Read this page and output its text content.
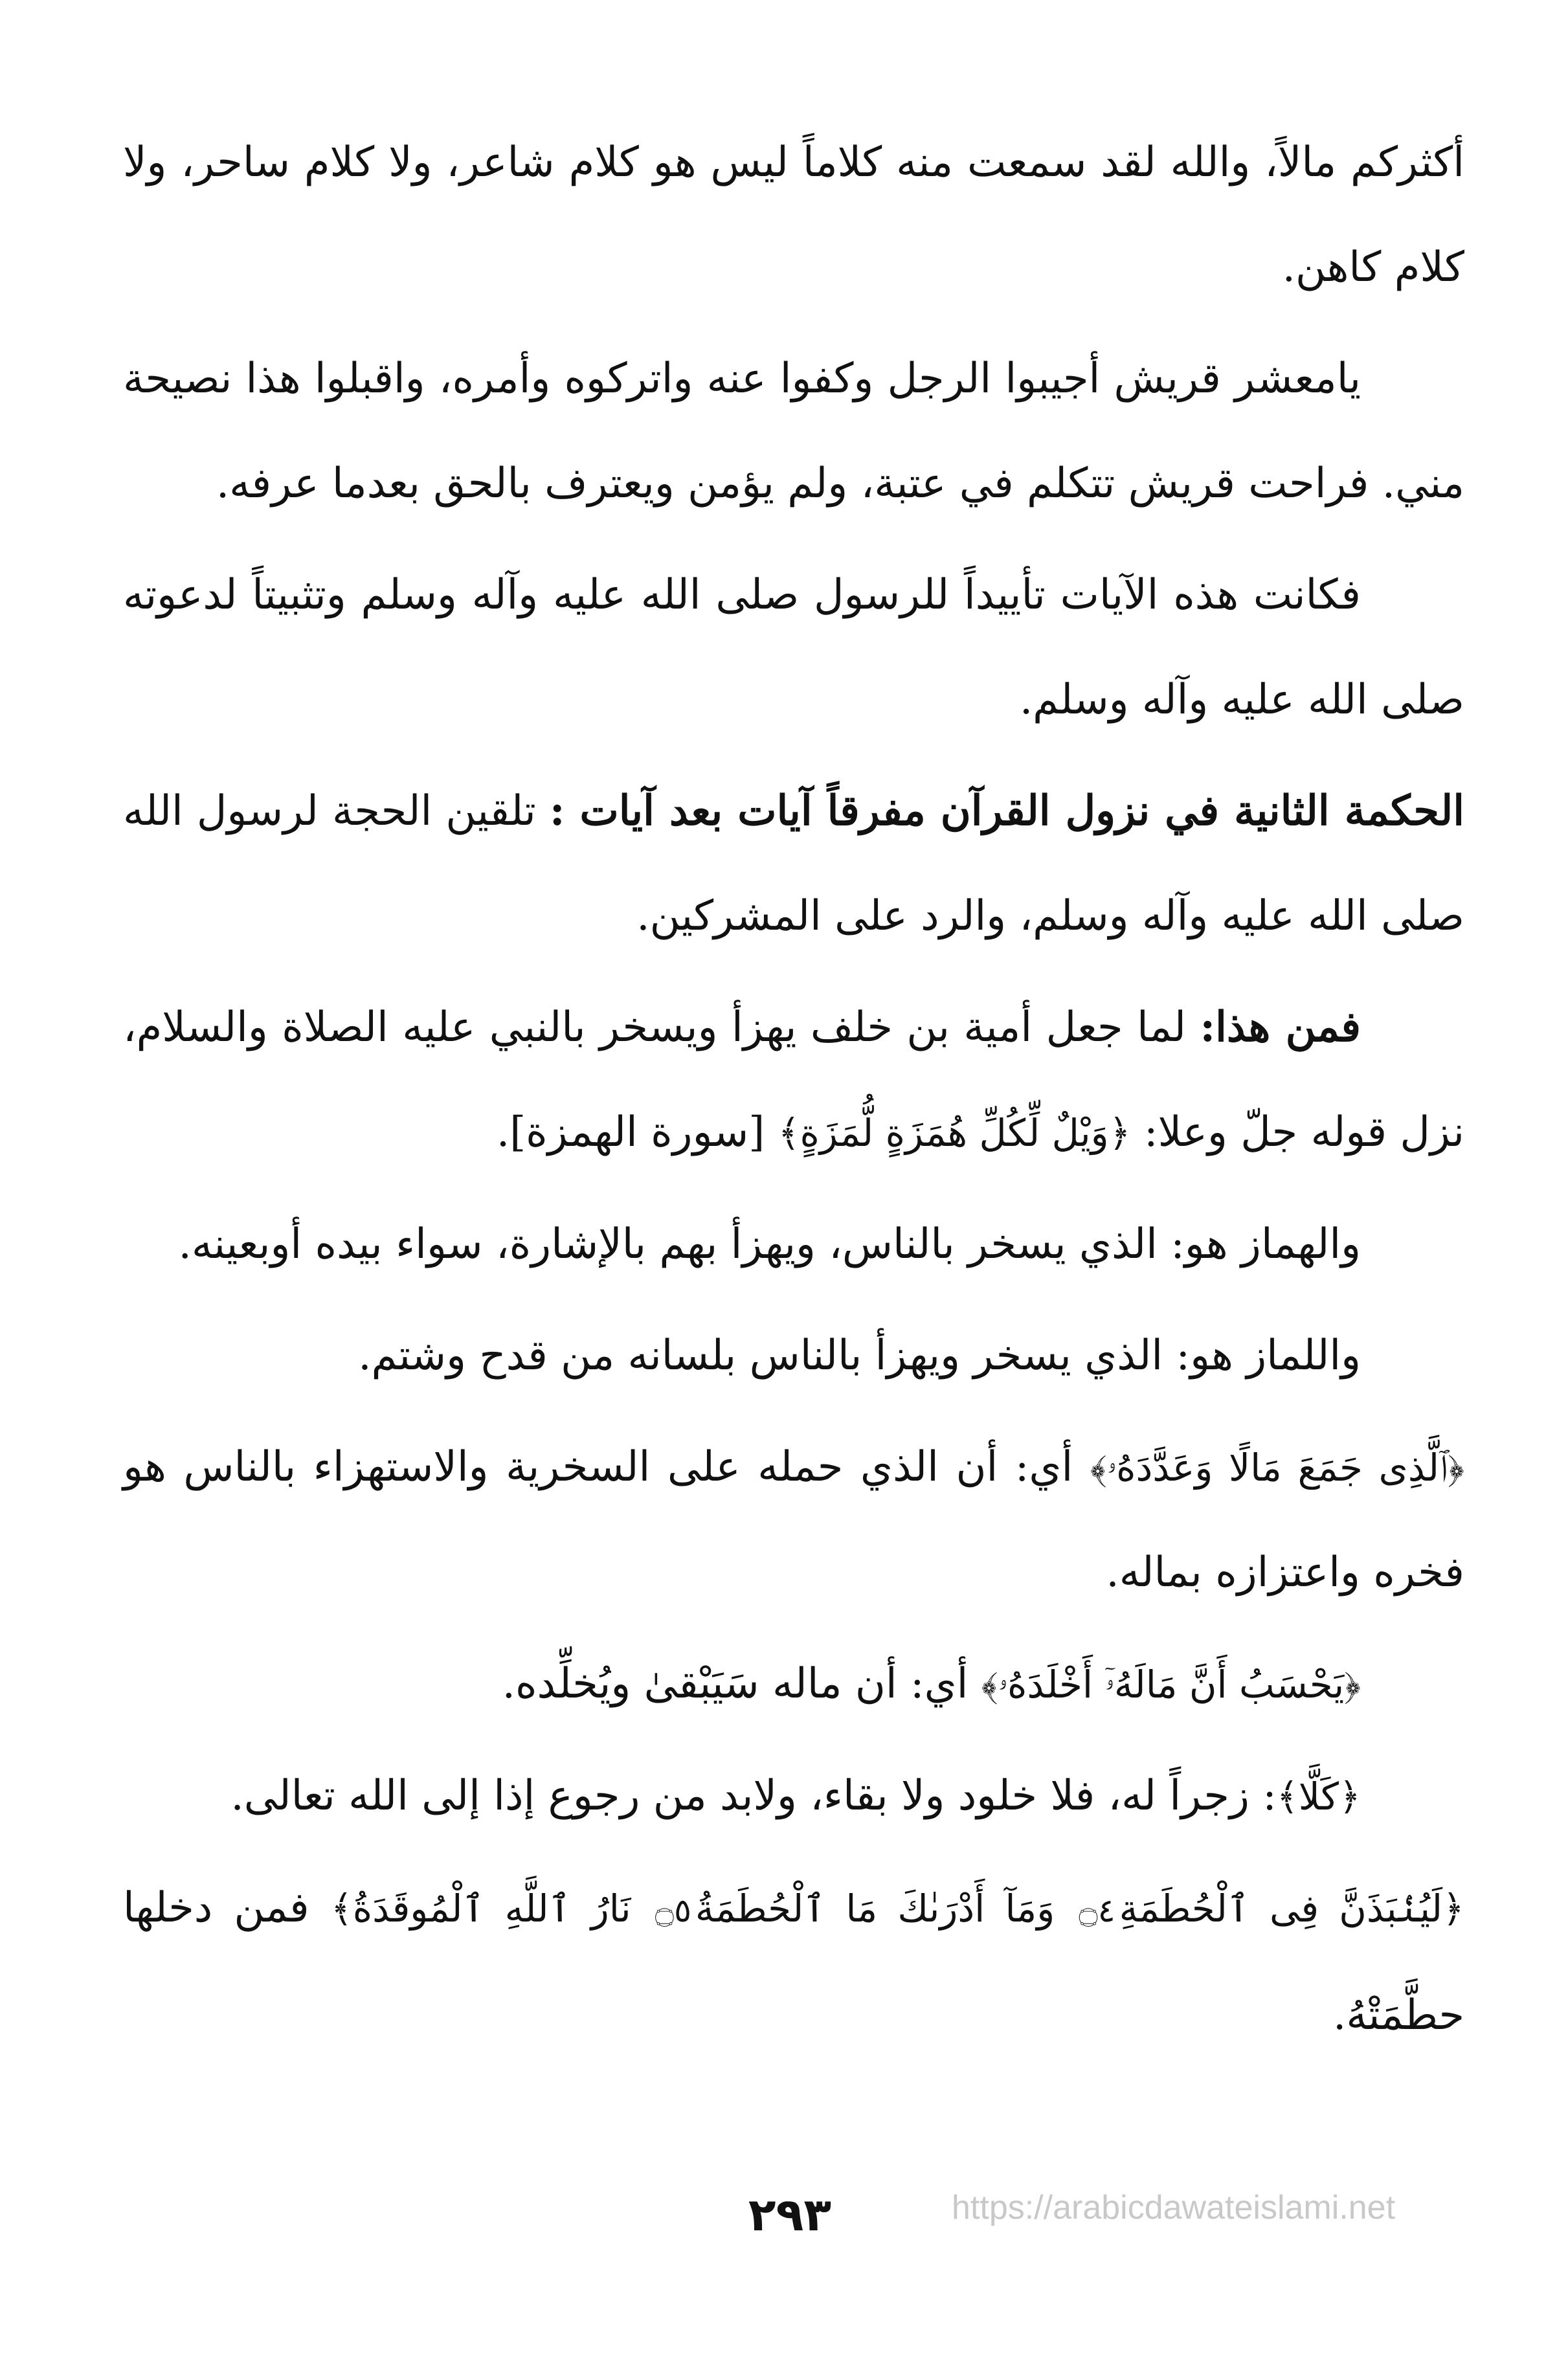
أكثركم مالاً، والله لقد سمعت منه كلاماً ليس هو كلام شاعر، ولا كلام ساحر، ولا كلام كاهن.

يامعشر قريش أجيبوا الرجل وكفوا عنه واتركوه وأمره، واقبلوا هذا نصيحة مني. فراحت قريش تتكلم في عتبة، ولم يؤمن ويعترف بالحق بعدما عرفه.

فكانت هذه الآيات تأييداً للرسول صلى الله عليه وآله وسلم وتثبيتاً لدعوته صلى الله عليه وآله وسلم.

الحكمة الثانية في نزول القرآن مفرقاً آيات بعد آيات : تلقين الحجة لرسول الله صلى الله عليه وآله وسلم، والرد على المشركين.

فمن هذا: لما جعل أمية بن خلف يهزأ ويسخر بالنبي عليه الصلاة والسلام، نزل قوله جلّ وعلا: ﴿وَيْلٌ لِّكُلِّ هُمَزَةٍ لُّمَزَةٍ﴾ [سورة الهمزة].

والهماز هو: الذي يسخر بالناس، ويهزأ بهم بالإشارة، سواء بيده أوبعينه.

واللماز هو: الذي يسخر ويهزأ بالناس بلسانه من قدح وشتم.

﴿ٱلَّذِى جَمَعَ مَالًا وَعَدَّدَهُۥ﴾ أي: أن الذي حمله على السخرية والاستهزاء بالناس هو فخره واعتزازه بماله.

﴿يَحْسَبُ أَنَّ مَالَهُۥٓ أَخْلَدَهُۥ﴾ أي: أن ماله سَيَبْقىٰ ويُخلِّده.

﴿كَلَّا﴾: زجراً له، فلا خلود ولا بقاء، ولابد من رجوع إذا إلى الله تعالى.

﴿لَيُنۢبَذَنَّ فِى ٱلْحُطَمَةِ۝٤ وَمَآ أَدْرَىٰكَ مَا ٱلْحُطَمَةُ۝٥ نَارُ ٱللَّهِ ٱلْمُوقَدَةُ﴾ فمن دخلها حطَّمَتْهُ.

٢٩٣	https://arabicdawateislami.net
